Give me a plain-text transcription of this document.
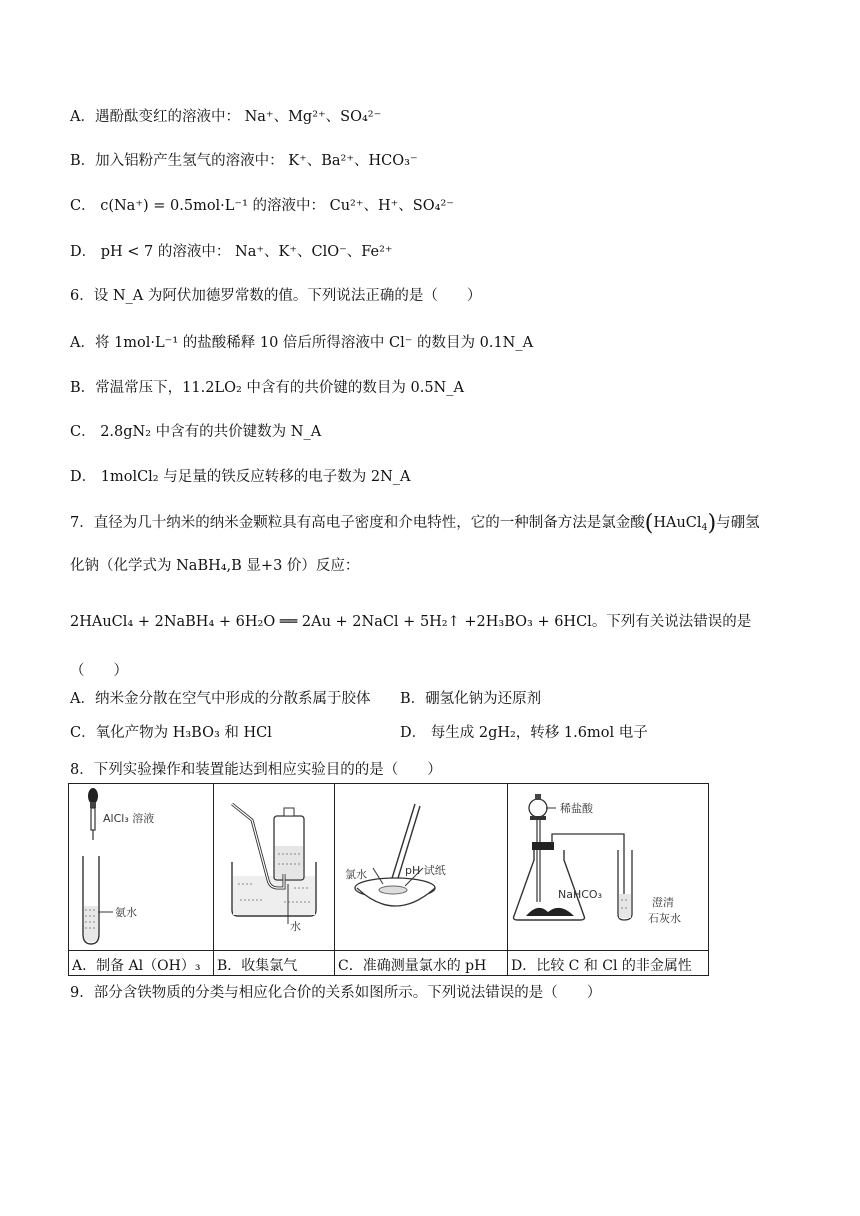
A．遇酚酞变红的溶液中： Na⁺、Mg²⁺、SO₄²⁻
B．加入铝粉产生氢气的溶液中： K⁺、Ba²⁺、HCO₃⁻
C． c(Na⁺) = 0.5mol·L⁻¹ 的溶液中： Cu²⁺、H⁺、SO₄²⁻
D． pH < 7 的溶液中： Na⁺、K⁺、ClO⁻、Fe²⁺
6．设 N_A 为阿伏加德罗常数的值。下列说法正确的是（　　）
A．将 1mol·L⁻¹ 的盐酸稀释 10 倍后所得溶液中 Cl⁻ 的数目为 0.1N_A
B．常温常压下，11.2LO₂ 中含有的共价键的数目为 0.5N_A
C． 2.8gN₂ 中含有的共价键数为 N_A
D． 1molCl₂ 与足量的铁反应转移的电子数为 2N_A
7．直径为几十纳米的纳米金颗粒具有高电子密度和介电特性，它的一种制备方法是氯金酸(HAuCl$_4$)与硼氢
化钠（化学式为 NaBH₄,B 显+3 价）反应：
2HAuCl₄ + 2NaBH₄ + 6H₂O ══ 2Au + 2NaCl + 5H₂↑ +2H₃BO₃ + 6HCl。下列有关说法错误的是
（　　）
A．纳米金分散在空气中形成的分散系属于胶体 B．硼氢化钠为还原剂
C．氧化产物为 H₃BO₃ 和 HCl	D． 每生成 2gH₂，转移 1.6mol 电子
8．下列实验操作和装置能达到相应实验目的的是（　　）
AlCl₃ 溶液
氨水	水	氯水 pH 试纸	稀盐酸
NaHCO₃
澄清
石灰水

A．制备 Al（OH）₃	B．收集氯气	C．准确测量氯水的 pH	D．比较 C 和 Cl 的非金属性
9．部分含铁物质的分类与相应化合价的关系如图所示。下列说法错误的是（　　）
